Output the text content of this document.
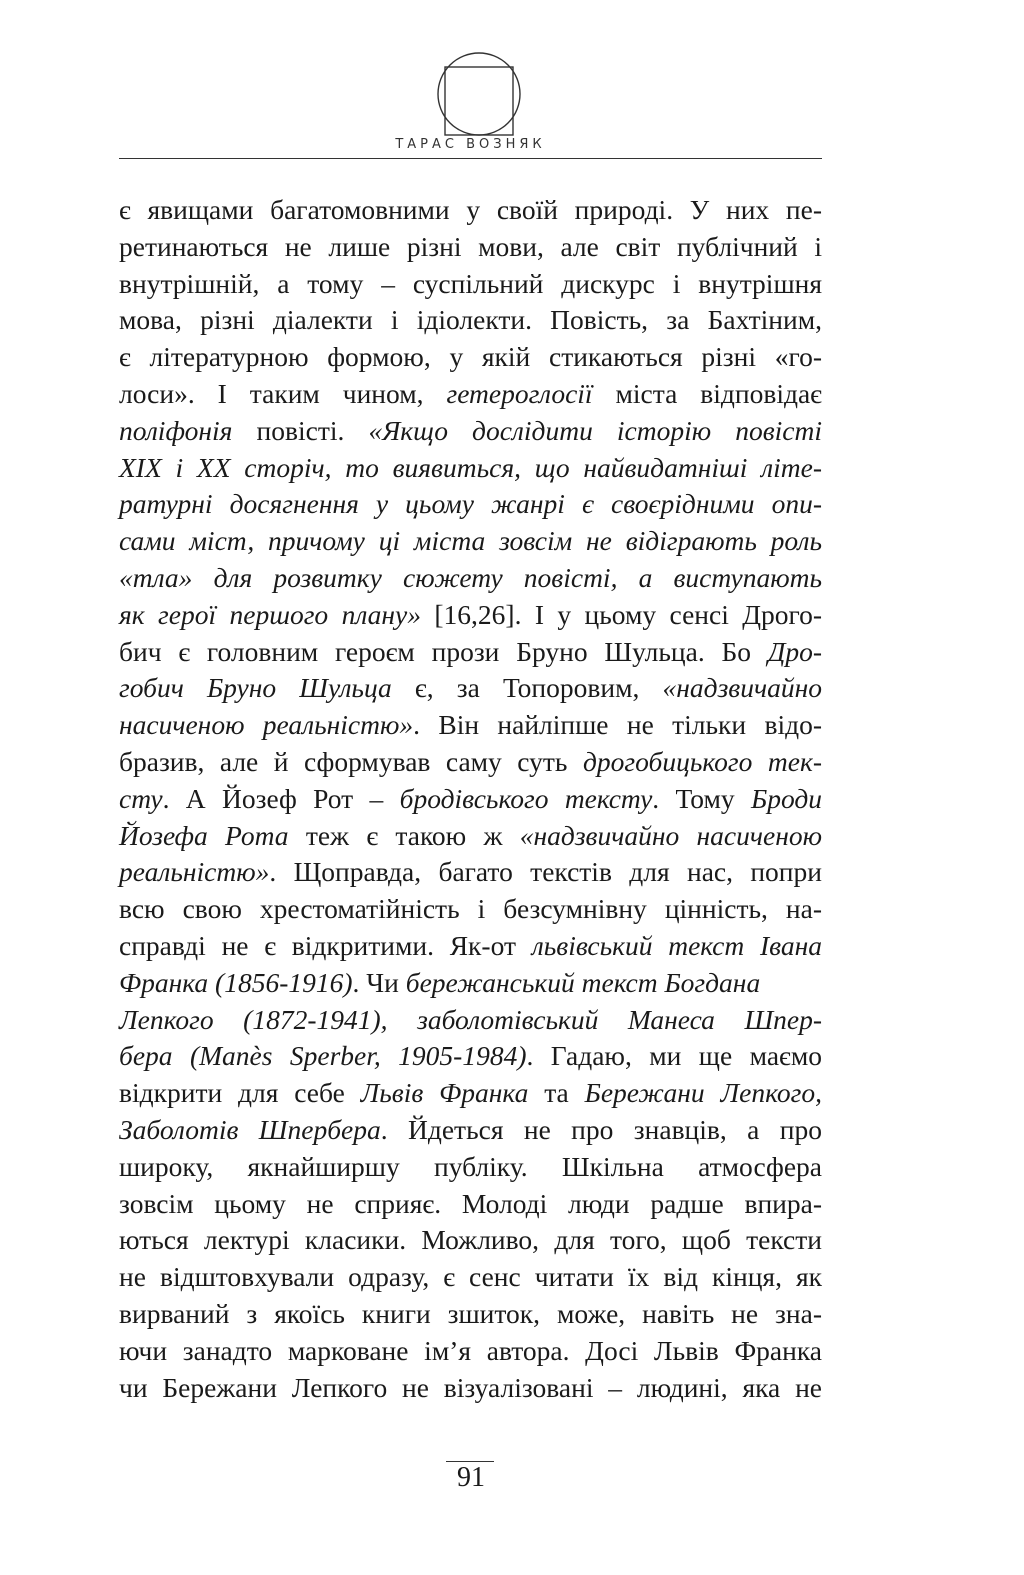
ТАРАС ВОЗНЯК
є явищами багатомовними у своїй природі. У них пе-
ретинаються не лише різні мови, але світ публічний і
внутрішній, а тому – суспільний дискурс і внутрішня
мова, різні діалекти і ідіолекти. Повість, за Бахтіним,
є літературною формою, у якій стикаються різні «го-
лоси». І таким чином, гетероглосії міста відповідає
поліфонія повісті. «Якщо дослідити історію повісті
XIX і XX сторіч, то виявиться, що найвидатніші літе-
ратурні досягнення у цьому жанрі є своєрідними опи-
сами міст, причому ці міста зовсім не відіграють роль
«тла» для розвитку сюжету повісті, а виступають
як герої першого плану» [16,26]. І у цьому сенсі Дрого-
бич є головним героєм прози Бруно Шульца. Бо Дро-
гобич Бруно Шульца є, за Топоровим, «надзвичайно
насиченою реальністю». Він найліпше не тільки відо-
бразив, але й сформував саму суть дрогобицького тек-
сту. А Йозеф Рот – бродівського тексту. Тому Броди
Йозефа Рота теж є такою ж «надзвичайно насиченою
реальністю». Щоправда, багато текстів для нас, попри
всю свою хрестоматійність і безсумнівну цінність, на-
справді не є відкритими. Як-от львівський текст Івана
Франка (1856-1916). Чи бережанський текст Богдана
Лепкого (1872-1941), заболотівський Манеса Шпер-
бера (Manès Sperber, 1905-1984). Гадаю, ми ще маємо
відкрити для себе Львів Франка та Бережани Лепкого,
Заболотів Шпербера. Йдеться не про знавців, а про
широку, якнайширшу публіку. Шкільна атмосфера
зовсім цьому не сприяє. Молоді люди радше впира-
ються лектурі класики. Можливо, для того, щоб тексти
не відштовхували одразу, є сенс читати їх від кінця, як
вирваний з якоїсь книги зшиток, може, навіть не зна-
ючи занадто марковане ім’я автора. Досі Львів Франка
чи Бережани Лепкого не візуалізовані – людині, яка не
91
